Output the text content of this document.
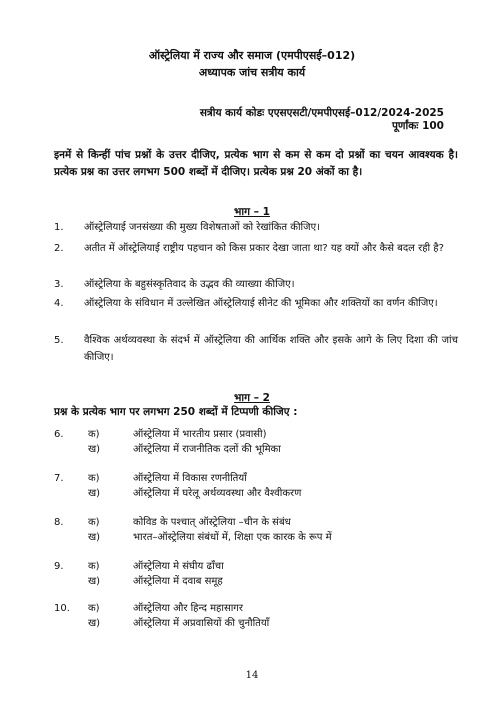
ऑस्ट्रेलिया में राज्य और समाज (एमपीएसई–012)
अध्यापक जांच सत्रीय कार्य
सत्रीय कार्य कोडः एएसएसटी/एमपीएसई–012/2024-2025
पूर्णांकः 100
इनमें से किन्हीं पांच प्रश्नों के उत्तर दीजिए, प्रत्येक भाग से कम से कम दो प्रश्नों का चयन आवश्यक है। प्रत्येक प्रश्न का उत्तर लगभग 500 शब्दों में दीजिए। प्रत्येक प्रश्न 20 अंकों का है।
भाग – 1
1.	ऑस्ट्रेलियाई जनसंख्या की मुख्य विशेषताओं को रेखांकित कीजिए।
2.	अतीत में ऑस्ट्रेलियाई राष्ट्रीय पहचान को किस प्रकार देखा जाता था? यह क्यों और कैसे बदल रही है?
3.	ऑस्ट्रेलिया के बहुसंस्कृतिवाद के उद्भव की व्याख्या कीजिए।
4.	ऑस्ट्रेलिया के संविधान में उल्लेखित ऑस्ट्रेलियाई सीनेट की भूमिका और शक्तियों का वर्णन कीजिए।
5.	वैश्विक अर्थव्यवस्था के संदर्भ में ऑस्ट्रेलिया की आर्थिक शक्ति और इसके आगे के लिए दिशा की जांच कीजिए।
भाग – 2
प्रश्न के प्रत्येक भाग पर लगभग 250 शब्दों में टिप्पणी कीजिए :
6.	क)	ऑस्ट्रेलिया में भारतीय प्रसार (प्रवासी)
ख)	ऑस्ट्रेलिया में राजनीतिक दलों की भूमिका
7.	क)	ऑस्ट्रेलिया में विकास रणनीतियाँ
ख)	ऑस्ट्रेलिया में घरेलू अर्थव्यवस्था और वैश्वीकरण
8.	क)	कोविड के पश्चात् ऑस्ट्रेलिया –चीन के संबंध
ख)	भारत–ऑस्ट्रेलिया संबंधों में, शिक्षा एक कारक के रूप में
9.	क)	ऑस्ट्रेलिया मे संघीय ढाँचा
ख)	ऑस्ट्रेलिया में दवाब समूह
10.	क)	ऑस्ट्रेलिया और हिन्द महासागर
ख)	ऑस्ट्रेलिया में अप्रवासियों की चुनौतियाँ
14
